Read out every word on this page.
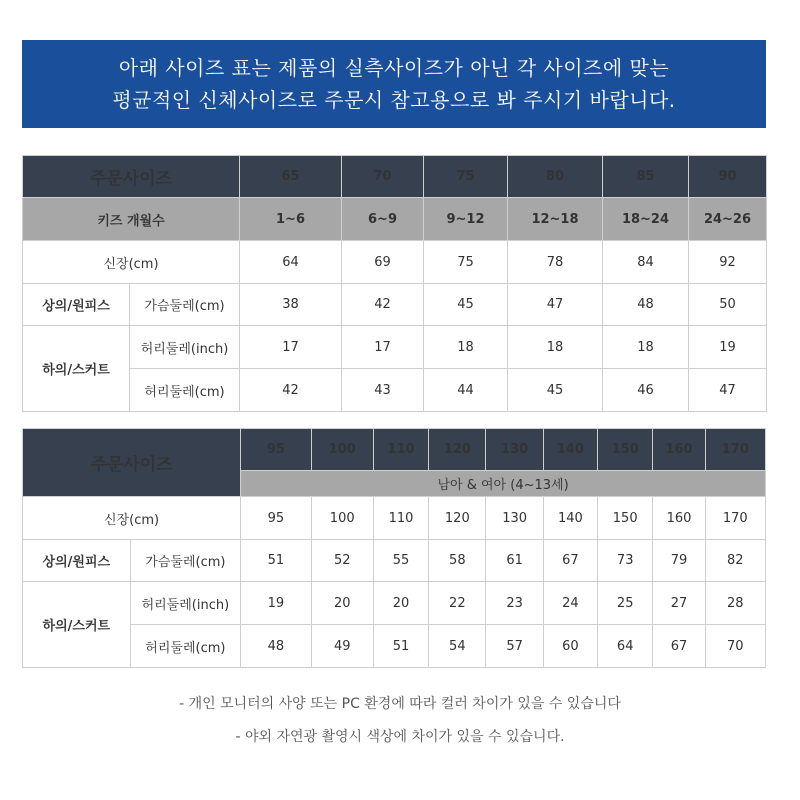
아래 사이즈 표는 제품의 실측사이즈가 아닌 각 사이즈에 맞는
평균적인 신체사이즈로 주문시 참고용으로 봐 주시기 바랍니다.
주문사이즈		65	70	75	80	85	90
키즈 개월수		1~6	6~9	9~12	12~18	18~24	24~26
신장(cm)		64	69	75	78	84	92
상의/원피스	가슴둘레(cm)	38	42	45	47	48	50
하의/스커트	허리둘레(inch)	17	17	18	18	18	19
	허리둘레(cm)	42	43	44	45	46	47
주문사이즈		95	100	110	120	130	140	150	160	170
		남아 & 여아 (4~13세)								
신장(cm)		95	100	110	120	130	140	150	160	170
상의/원피스	가슴둘레(cm)	51	52	55	58	61	67	73	79	82
하의/스커트	허리둘레(inch)	19	20	20	22	23	24	25	27	28
	허리둘레(cm)	48	49	51	54	57	60	64	67	70
- 개인 모니터의 사양 또는 PC 환경에 따라 컬러 차이가 있을 수 있습니다
- 야외 자연광 촬영시 색상에 차이가 있을 수 있습니다.
